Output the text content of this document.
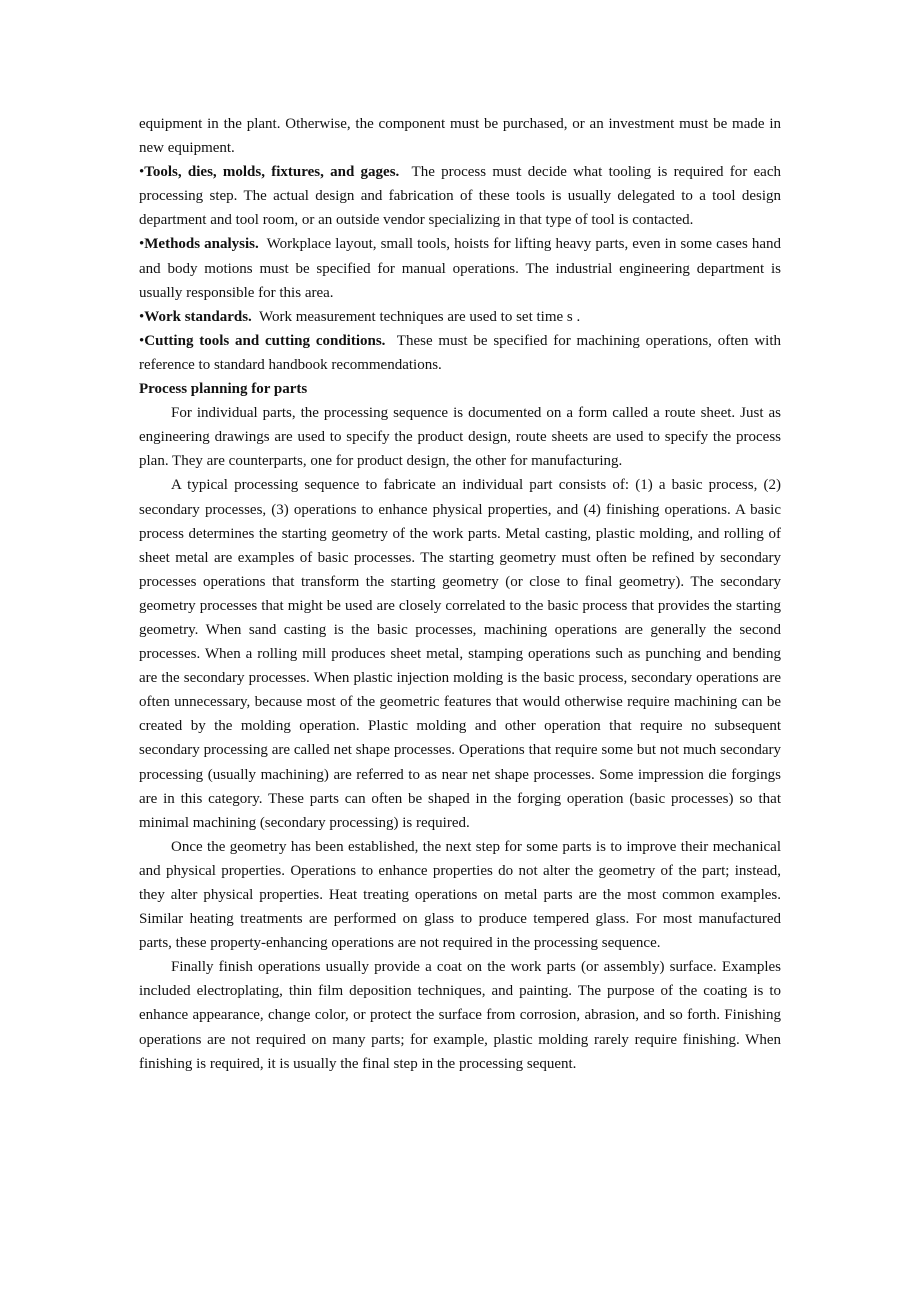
equipment in the plant. Otherwise, the component must be purchased, or an investment must be made in new equipment.

•Tools, dies, molds, fixtures, and gages. The process must decide what tooling is required for each processing step. The actual design and fabrication of these tools is usually delegated to a tool design department and tool room, or an outside vendor specializing in that type of tool is contacted.

•Methods analysis. Workplace layout, small tools, hoists for lifting heavy parts, even in some cases hand and body motions must be specified for manual operations. The industrial engineering department is usually responsible for this area.

•Work standards. Work measurement techniques are used to set time s .

•Cutting tools and cutting conditions. These must be specified for machining operations, often with reference to standard handbook recommendations.

Process planning for parts

For individual parts, the processing sequence is documented on a form called a route sheet. Just as engineering drawings are used to specify the product design, route sheets are used to specify the process plan. They are counterparts, one for product design, the other for manufacturing.

A typical processing sequence to fabricate an individual part consists of: (1) a basic process, (2) secondary processes, (3) operations to enhance physical properties, and (4) finishing operations. A basic process determines the starting geometry of the work parts. Metal casting, plastic molding, and rolling of sheet metal are examples of basic processes. The starting geometry must often be refined by secondary processes operations that transform the starting geometry (or close to final geometry). The secondary geometry processes that might be used are closely correlated to the basic process that provides the starting geometry. When sand casting is the basic processes, machining operations are generally the second processes. When a rolling mill produces sheet metal, stamping operations such as punching and bending are the secondary processes. When plastic injection molding is the basic process, secondary operations are often unnecessary, because most of the geometric features that would otherwise require machining can be created by the molding operation. Plastic molding and other operation that require no subsequent secondary processing are called net shape processes. Operations that require some but not much secondary processing (usually machining) are referred to as near net shape processes. Some impression die forgings are in this category. These parts can often be shaped in the forging operation (basic processes) so that minimal machining (secondary processing) is required.

Once the geometry has been established, the next step for some parts is to improve their mechanical and physical properties. Operations to enhance properties do not alter the geometry of the part; instead, they alter physical properties. Heat treating operations on metal parts are the most common examples. Similar heating treatments are performed on glass to produce tempered glass. For most manufactured parts, these property-enhancing operations are not required in the processing sequence.

Finally finish operations usually provide a coat on the work parts (or assembly) surface. Examples included electroplating, thin film deposition techniques, and painting. The purpose of the coating is to enhance appearance, change color, or protect the surface from corrosion, abrasion, and so forth. Finishing operations are not required on many parts; for example, plastic molding rarely require finishing. When finishing is required, it is usually the final step in the processing sequent.
